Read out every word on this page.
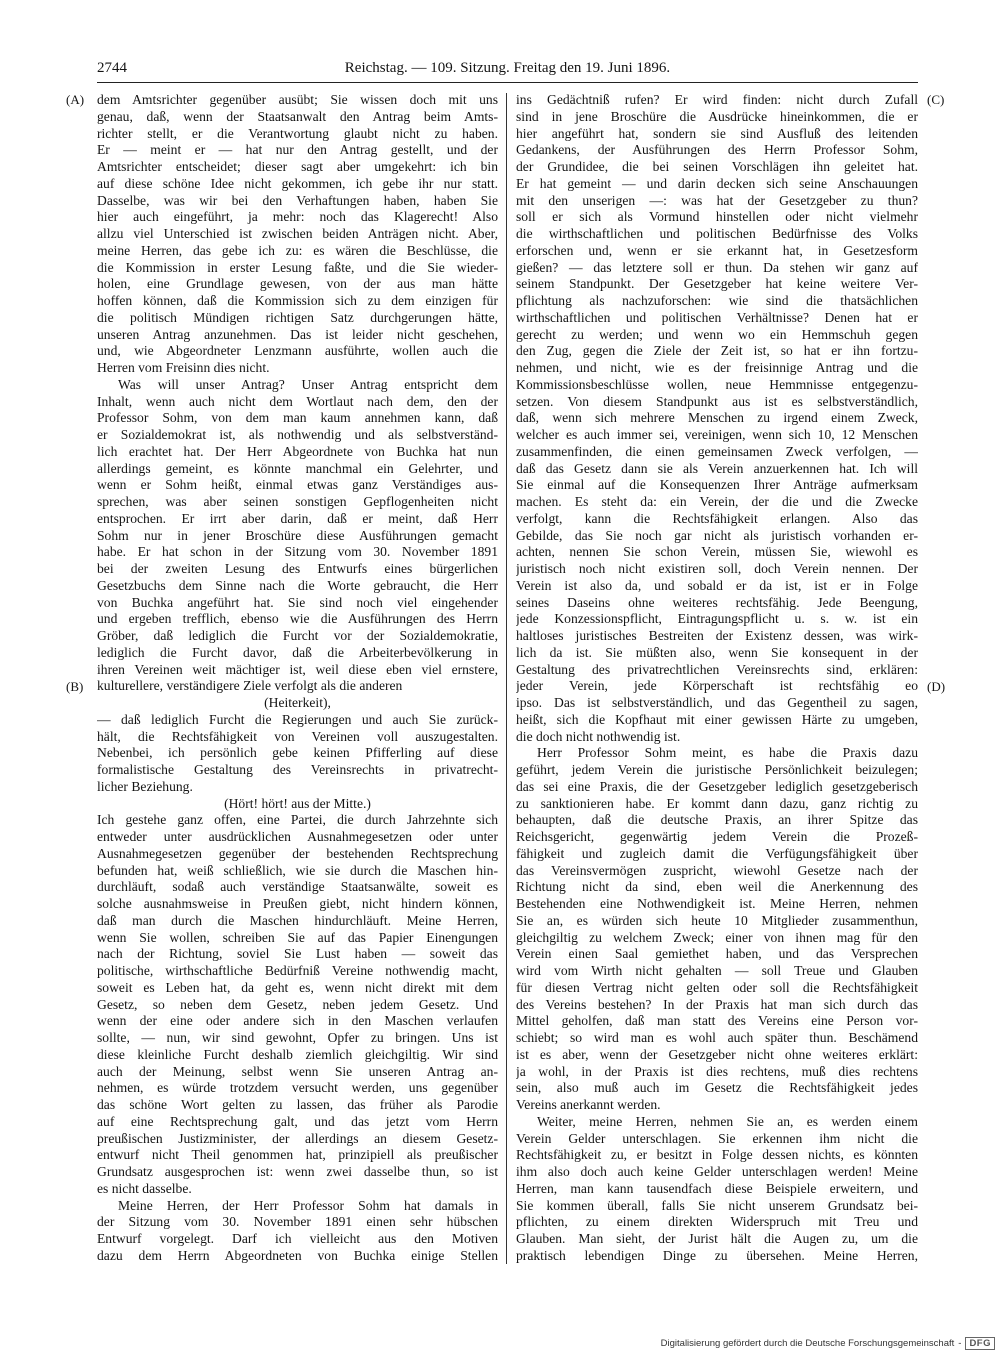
2744	Reichstag. — 109. Sitzung. Freitag den 19. Juni 1896.
(A)
(B)
(C)
(D)
dem Amtsrichter gegenüber ausübt; Sie wissen doch mit uns
genau, daß, wenn der Staatsanwalt den Antrag beim Amts-
richter stellt, er die Verantwortung glaubt nicht zu haben.
Er — meint er — hat nur den Antrag gestellt, und der
Amtsrichter entscheidet; dieser sagt aber umgekehrt: ich bin
auf diese schöne Idee nicht gekommen, ich gebe ihr nur statt.
Dasselbe, was wir bei den Verhaftungen haben, haben Sie
hier auch eingeführt, ja mehr: noch das Klagerecht! Also
allzu viel Unterschied ist zwischen beiden Anträgen nicht. Aber,
meine Herren, das gebe ich zu: es wären die Beschlüsse, die
die Kommission in erster Lesung faßte, und die Sie wieder-
holen, eine Grundlage gewesen, von der aus man hätte
hoffen können, daß die Kommission sich zu dem einzigen für
die politisch Mündigen richtigen Satz durchgerungen hätte,
unseren Antrag anzunehmen. Das ist leider nicht geschehen,
und, wie Abgeordneter Lenzmann ausführte, wollen auch die
Herren vom Freisinn dies nicht.
Was will unser Antrag? Unser Antrag entspricht dem
Inhalt, wenn auch nicht dem Wortlaut nach dem, den der
Professor Sohm, von dem man kaum annehmen kann, daß
er Sozialdemokrat ist, als nothwendig und als selbstverständ-
lich erachtet hat. Der Herr Abgeordnete von Buchka hat nun
allerdings gemeint, es könnte manchmal ein Gelehrter, und
wenn er Sohm heißt, einmal etwas ganz Verständiges aus-
sprechen, was aber seinen sonstigen Gepflogenheiten nicht
entsprochen. Er irrt aber darin, daß er meint, daß Herr
Sohm nur in jener Broschüre diese Ausführungen gemacht
habe. Er hat schon in der Sitzung vom 30. November 1891
bei der zweiten Lesung des Entwurfs eines bürgerlichen
Gesetzbuchs dem Sinne nach die Worte gebraucht, die Herr
von Buchka angeführt hat. Sie sind noch viel eingehender
und ergeben trefflich, ebenso wie die Ausführungen des Herrn
Gröber, daß lediglich die Furcht vor der Sozialdemokratie,
lediglich die Furcht davor, daß die Arbeiterbevölkerung in
ihren Vereinen weit mächtiger ist, weil diese eben viel ernstere,
kulturellere, verständigere Ziele verfolgt als die anderen
(Heiterkeit),
— daß lediglich Furcht die Regierungen und auch Sie zurück-
hält, die Rechtsfähigkeit von Vereinen voll auszugestalten.
Nebenbei, ich persönlich gebe keinen Pfifferling auf diese
formalistische Gestaltung des Vereinsrechts in privatrecht-
licher Beziehung.
(Hört! hört! aus der Mitte.)
Ich gestehe ganz offen, eine Partei, die durch Jahrzehnte sich
entweder unter ausdrücklichen Ausnahmegesetzen oder unter
Ausnahmegesetzen gegenüber der bestehenden Rechtsprechung
befunden hat, weiß schließlich, wie sie durch die Maschen hin-
durchläuft, sodaß auch verständige Staatsanwälte, soweit es
solche ausnahmsweise in Preußen giebt, nicht hindern können,
daß man durch die Maschen hindurchläuft. Meine Herren,
wenn Sie wollen, schreiben Sie auf das Papier Einengungen
nach der Richtung, soviel Sie Lust haben — soweit das
politische, wirthschaftliche Bedürfniß Vereine nothwendig macht,
soweit es Leben hat, da geht es, wenn nicht direkt mit dem
Gesetz, so neben dem Gesetz, neben jedem Gesetz. Und
wenn der eine oder andere sich in den Maschen verlaufen
sollte, — nun, wir sind gewohnt, Opfer zu bringen. Uns ist
diese kleinliche Furcht deshalb ziemlich gleichgiltig. Wir sind
auch der Meinung, selbst wenn Sie unseren Antrag an-
nehmen, es würde trotzdem versucht werden, uns gegenüber
das schöne Wort gelten zu lassen, das früher als Parodie
auf eine Rechtsprechung galt, und das jetzt vom Herrn
preußischen Justizminister, der allerdings an diesem Gesetz-
entwurf nicht Theil genommen hat, prinzipiell als preußischer
Grundsatz ausgesprochen ist: wenn zwei dasselbe thun, so ist
es nicht dasselbe.
Meine Herren, der Herr Professor Sohm hat damals in
der Sitzung vom 30. November 1891 einen sehr hübschen
Entwurf vorgelegt. Darf ich vielleicht aus den Motiven
dazu dem Herrn Abgeordneten von Buchka einige Stellen
ins Gedächtniß rufen? Er wird finden: nicht durch Zufall
sind in jene Broschüre die Ausdrücke hineinkommen, die er
hier angeführt hat, sondern sie sind Ausfluß des leitenden
Gedankens, der Ausführungen des Herrn Professor Sohm,
der Grundidee, die bei seinen Vorschlägen ihn geleitet hat.
Er hat gemeint — und darin decken sich seine Anschauungen
mit den unserigen —: was hat der Gesetzgeber zu thun?
soll er sich als Vormund hinstellen oder nicht vielmehr
die wirthschaftlichen und politischen Bedürfnisse des Volks
erforschen und, wenn er sie erkannt hat, in Gesetzesform
gießen? — das letztere soll er thun. Da stehen wir ganz auf
seinem Standpunkt. Der Gesetzgeber hat keine weitere Ver-
pflichtung als nachzuforschen: wie sind die thatsächlichen
wirthschaftlichen und politischen Verhältnisse? Denen hat er
gerecht zu werden; und wenn wo ein Hemmschuh gegen
den Zug, gegen die Ziele der Zeit ist, so hat er ihn fortzu-
nehmen, und nicht, wie es der freisinnige Antrag und die
Kommissionsbeschlüsse wollen, neue Hemmnisse entgegenzu-
setzen. Von diesem Standpunkt aus ist es selbstverständlich,
daß, wenn sich mehrere Menschen zu irgend einem Zweck,
welcher es auch immer sei, vereinigen, wenn sich 10, 12 Menschen
zusammenfinden, die einen gemeinsamen Zweck verfolgen, —
daß das Gesetz dann sie als Verein anzuerkennen hat. Ich will
Sie einmal auf die Konsequenzen Ihrer Anträge aufmerksam
machen. Es steht da: ein Verein, der die und die Zwecke
verfolgt, kann die Rechtsfähigkeit erlangen. Also das
Gebilde, das Sie noch gar nicht als juristisch vorhanden er-
achten, nennen Sie schon Verein, müssen Sie, wiewohl es
juristisch noch nicht existiren soll, doch Verein nennen. Der
Verein ist also da, und sobald er da ist, ist er in Folge
seines Daseins ohne weiteres rechtsfähig. Jede Beengung,
jede Konzessionspflicht, Eintragungspflicht u. s. w. ist ein
haltloses juristisches Bestreiten der Existenz dessen, was wirk-
lich da ist. Sie müßten also, wenn Sie konsequent in der
Gestaltung des privatrechtlichen Vereinsrechts sind, erklären:
jeder Verein, jede Körperschaft ist rechtsfähig eo
ipso. Das ist selbstverständlich, und das Gegentheil zu sagen,
heißt, sich die Kopfhaut mit einer gewissen Härte zu umgeben,
die doch nicht nothwendig ist.
Herr Professor Sohm meint, es habe die Praxis dazu
geführt, jedem Verein die juristische Persönlichkeit beizulegen;
das sei eine Praxis, die der Gesetzgeber lediglich gesetzgeberisch
zu sanktionieren habe. Er kommt dann dazu, ganz richtig zu
behaupten, daß die deutsche Praxis, an ihrer Spitze das
Reichsgericht, gegenwärtig jedem Verein die Prozeß-
fähigkeit und zugleich damit die Verfügungsfähigkeit über
das Vereinsvermögen zuspricht, wiewohl Gesetze nach der
Richtung nicht da sind, eben weil die Anerkennung des
Bestehenden eine Nothwendigkeit ist. Meine Herren, nehmen
Sie an, es würden sich heute 10 Mitglieder zusammenthun,
gleichgiltig zu welchem Zweck; einer von ihnen mag für den
Verein einen Saal gemiethet haben, und das Versprechen
wird vom Wirth nicht gehalten — soll Treue und Glauben
für diesen Vertrag nicht gelten oder soll die Rechtsfähigkeit
des Vereins bestehen? In der Praxis hat man sich durch das
Mittel geholfen, daß man statt des Vereins eine Person vor-
schiebt; so wird man es wohl auch später thun. Beschämend
ist es aber, wenn der Gesetzgeber nicht ohne weiteres erklärt:
ja wohl, in der Praxis ist dies rechtens, muß dies rechtens
sein, also muß auch im Gesetz die Rechtsfähigkeit jedes
Vereins anerkannt werden.
Weiter, meine Herren, nehmen Sie an, es werden einem
Verein Gelder unterschlagen. Sie erkennen ihm nicht die
Rechtsfähigkeit zu, er besitzt in Folge dessen nichts, es könnten
ihm also doch auch keine Gelder unterschlagen werden! Meine
Herren, man kann tausendfach diese Beispiele erweitern, und
Sie kommen überall, falls Sie nicht unserem Grundsatz bei-
pflichten, zu einem direkten Widerspruch mit Treu und
Glauben. Man sieht, der Jurist hält die Augen zu, um die
praktisch lebendigen Dinge zu übersehen. Meine Herren,
Digitalisierung gefördert durch die Deutsche Forschungsgemeinschaft - DFG
